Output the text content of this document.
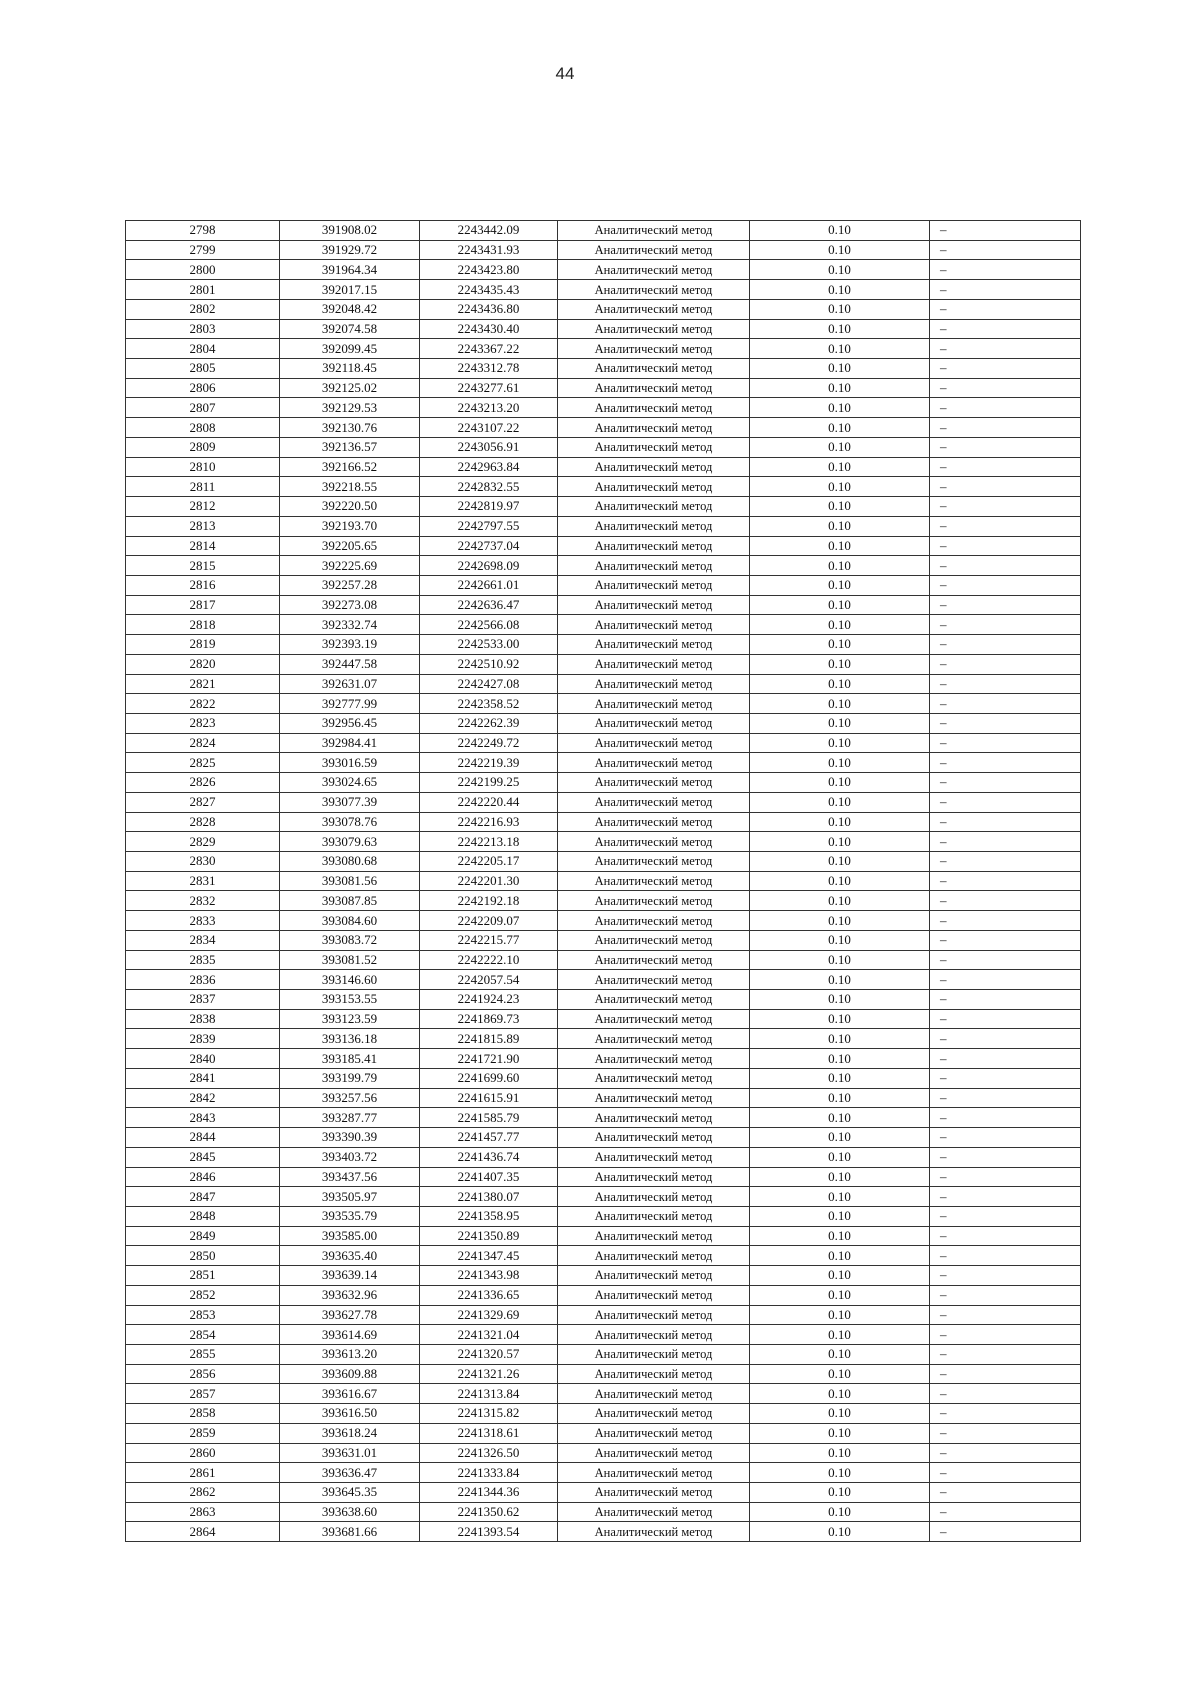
44
2798	391908.02	2243442.09	Аналитический метод	0.10	–
2799	391929.72	2243431.93	Аналитический метод	0.10	–
2800	391964.34	2243423.80	Аналитический метод	0.10	–
2801	392017.15	2243435.43	Аналитический метод	0.10	–
2802	392048.42	2243436.80	Аналитический метод	0.10	–
2803	392074.58	2243430.40	Аналитический метод	0.10	–
2804	392099.45	2243367.22	Аналитический метод	0.10	–
2805	392118.45	2243312.78	Аналитический метод	0.10	–
2806	392125.02	2243277.61	Аналитический метод	0.10	–
2807	392129.53	2243213.20	Аналитический метод	0.10	–
2808	392130.76	2243107.22	Аналитический метод	0.10	–
2809	392136.57	2243056.91	Аналитический метод	0.10	–
2810	392166.52	2242963.84	Аналитический метод	0.10	–
2811	392218.55	2242832.55	Аналитический метод	0.10	–
2812	392220.50	2242819.97	Аналитический метод	0.10	–
2813	392193.70	2242797.55	Аналитический метод	0.10	–
2814	392205.65	2242737.04	Аналитический метод	0.10	–
2815	392225.69	2242698.09	Аналитический метод	0.10	–
2816	392257.28	2242661.01	Аналитический метод	0.10	–
2817	392273.08	2242636.47	Аналитический метод	0.10	–
2818	392332.74	2242566.08	Аналитический метод	0.10	–
2819	392393.19	2242533.00	Аналитический метод	0.10	–
2820	392447.58	2242510.92	Аналитический метод	0.10	–
2821	392631.07	2242427.08	Аналитический метод	0.10	–
2822	392777.99	2242358.52	Аналитический метод	0.10	–
2823	392956.45	2242262.39	Аналитический метод	0.10	–
2824	392984.41	2242249.72	Аналитический метод	0.10	–
2825	393016.59	2242219.39	Аналитический метод	0.10	–
2826	393024.65	2242199.25	Аналитический метод	0.10	–
2827	393077.39	2242220.44	Аналитический метод	0.10	–
2828	393078.76	2242216.93	Аналитический метод	0.10	–
2829	393079.63	2242213.18	Аналитический метод	0.10	–
2830	393080.68	2242205.17	Аналитический метод	0.10	–
2831	393081.56	2242201.30	Аналитический метод	0.10	–
2832	393087.85	2242192.18	Аналитический метод	0.10	–
2833	393084.60	2242209.07	Аналитический метод	0.10	–
2834	393083.72	2242215.77	Аналитический метод	0.10	–
2835	393081.52	2242222.10	Аналитический метод	0.10	–
2836	393146.60	2242057.54	Аналитический метод	0.10	–
2837	393153.55	2241924.23	Аналитический метод	0.10	–
2838	393123.59	2241869.73	Аналитический метод	0.10	–
2839	393136.18	2241815.89	Аналитический метод	0.10	–
2840	393185.41	2241721.90	Аналитический метод	0.10	–
2841	393199.79	2241699.60	Аналитический метод	0.10	–
2842	393257.56	2241615.91	Аналитический метод	0.10	–
2843	393287.77	2241585.79	Аналитический метод	0.10	–
2844	393390.39	2241457.77	Аналитический метод	0.10	–
2845	393403.72	2241436.74	Аналитический метод	0.10	–
2846	393437.56	2241407.35	Аналитический метод	0.10	–
2847	393505.97	2241380.07	Аналитический метод	0.10	–
2848	393535.79	2241358.95	Аналитический метод	0.10	–
2849	393585.00	2241350.89	Аналитический метод	0.10	–
2850	393635.40	2241347.45	Аналитический метод	0.10	–
2851	393639.14	2241343.98	Аналитический метод	0.10	–
2852	393632.96	2241336.65	Аналитический метод	0.10	–
2853	393627.78	2241329.69	Аналитический метод	0.10	–
2854	393614.69	2241321.04	Аналитический метод	0.10	–
2855	393613.20	2241320.57	Аналитический метод	0.10	–
2856	393609.88	2241321.26	Аналитический метод	0.10	–
2857	393616.67	2241313.84	Аналитический метод	0.10	–
2858	393616.50	2241315.82	Аналитический метод	0.10	–
2859	393618.24	2241318.61	Аналитический метод	0.10	–
2860	393631.01	2241326.50	Аналитический метод	0.10	–
2861	393636.47	2241333.84	Аналитический метод	0.10	–
2862	393645.35	2241344.36	Аналитический метод	0.10	–
2863	393638.60	2241350.62	Аналитический метод	0.10	–
2864	393681.66	2241393.54	Аналитический метод	0.10	–
